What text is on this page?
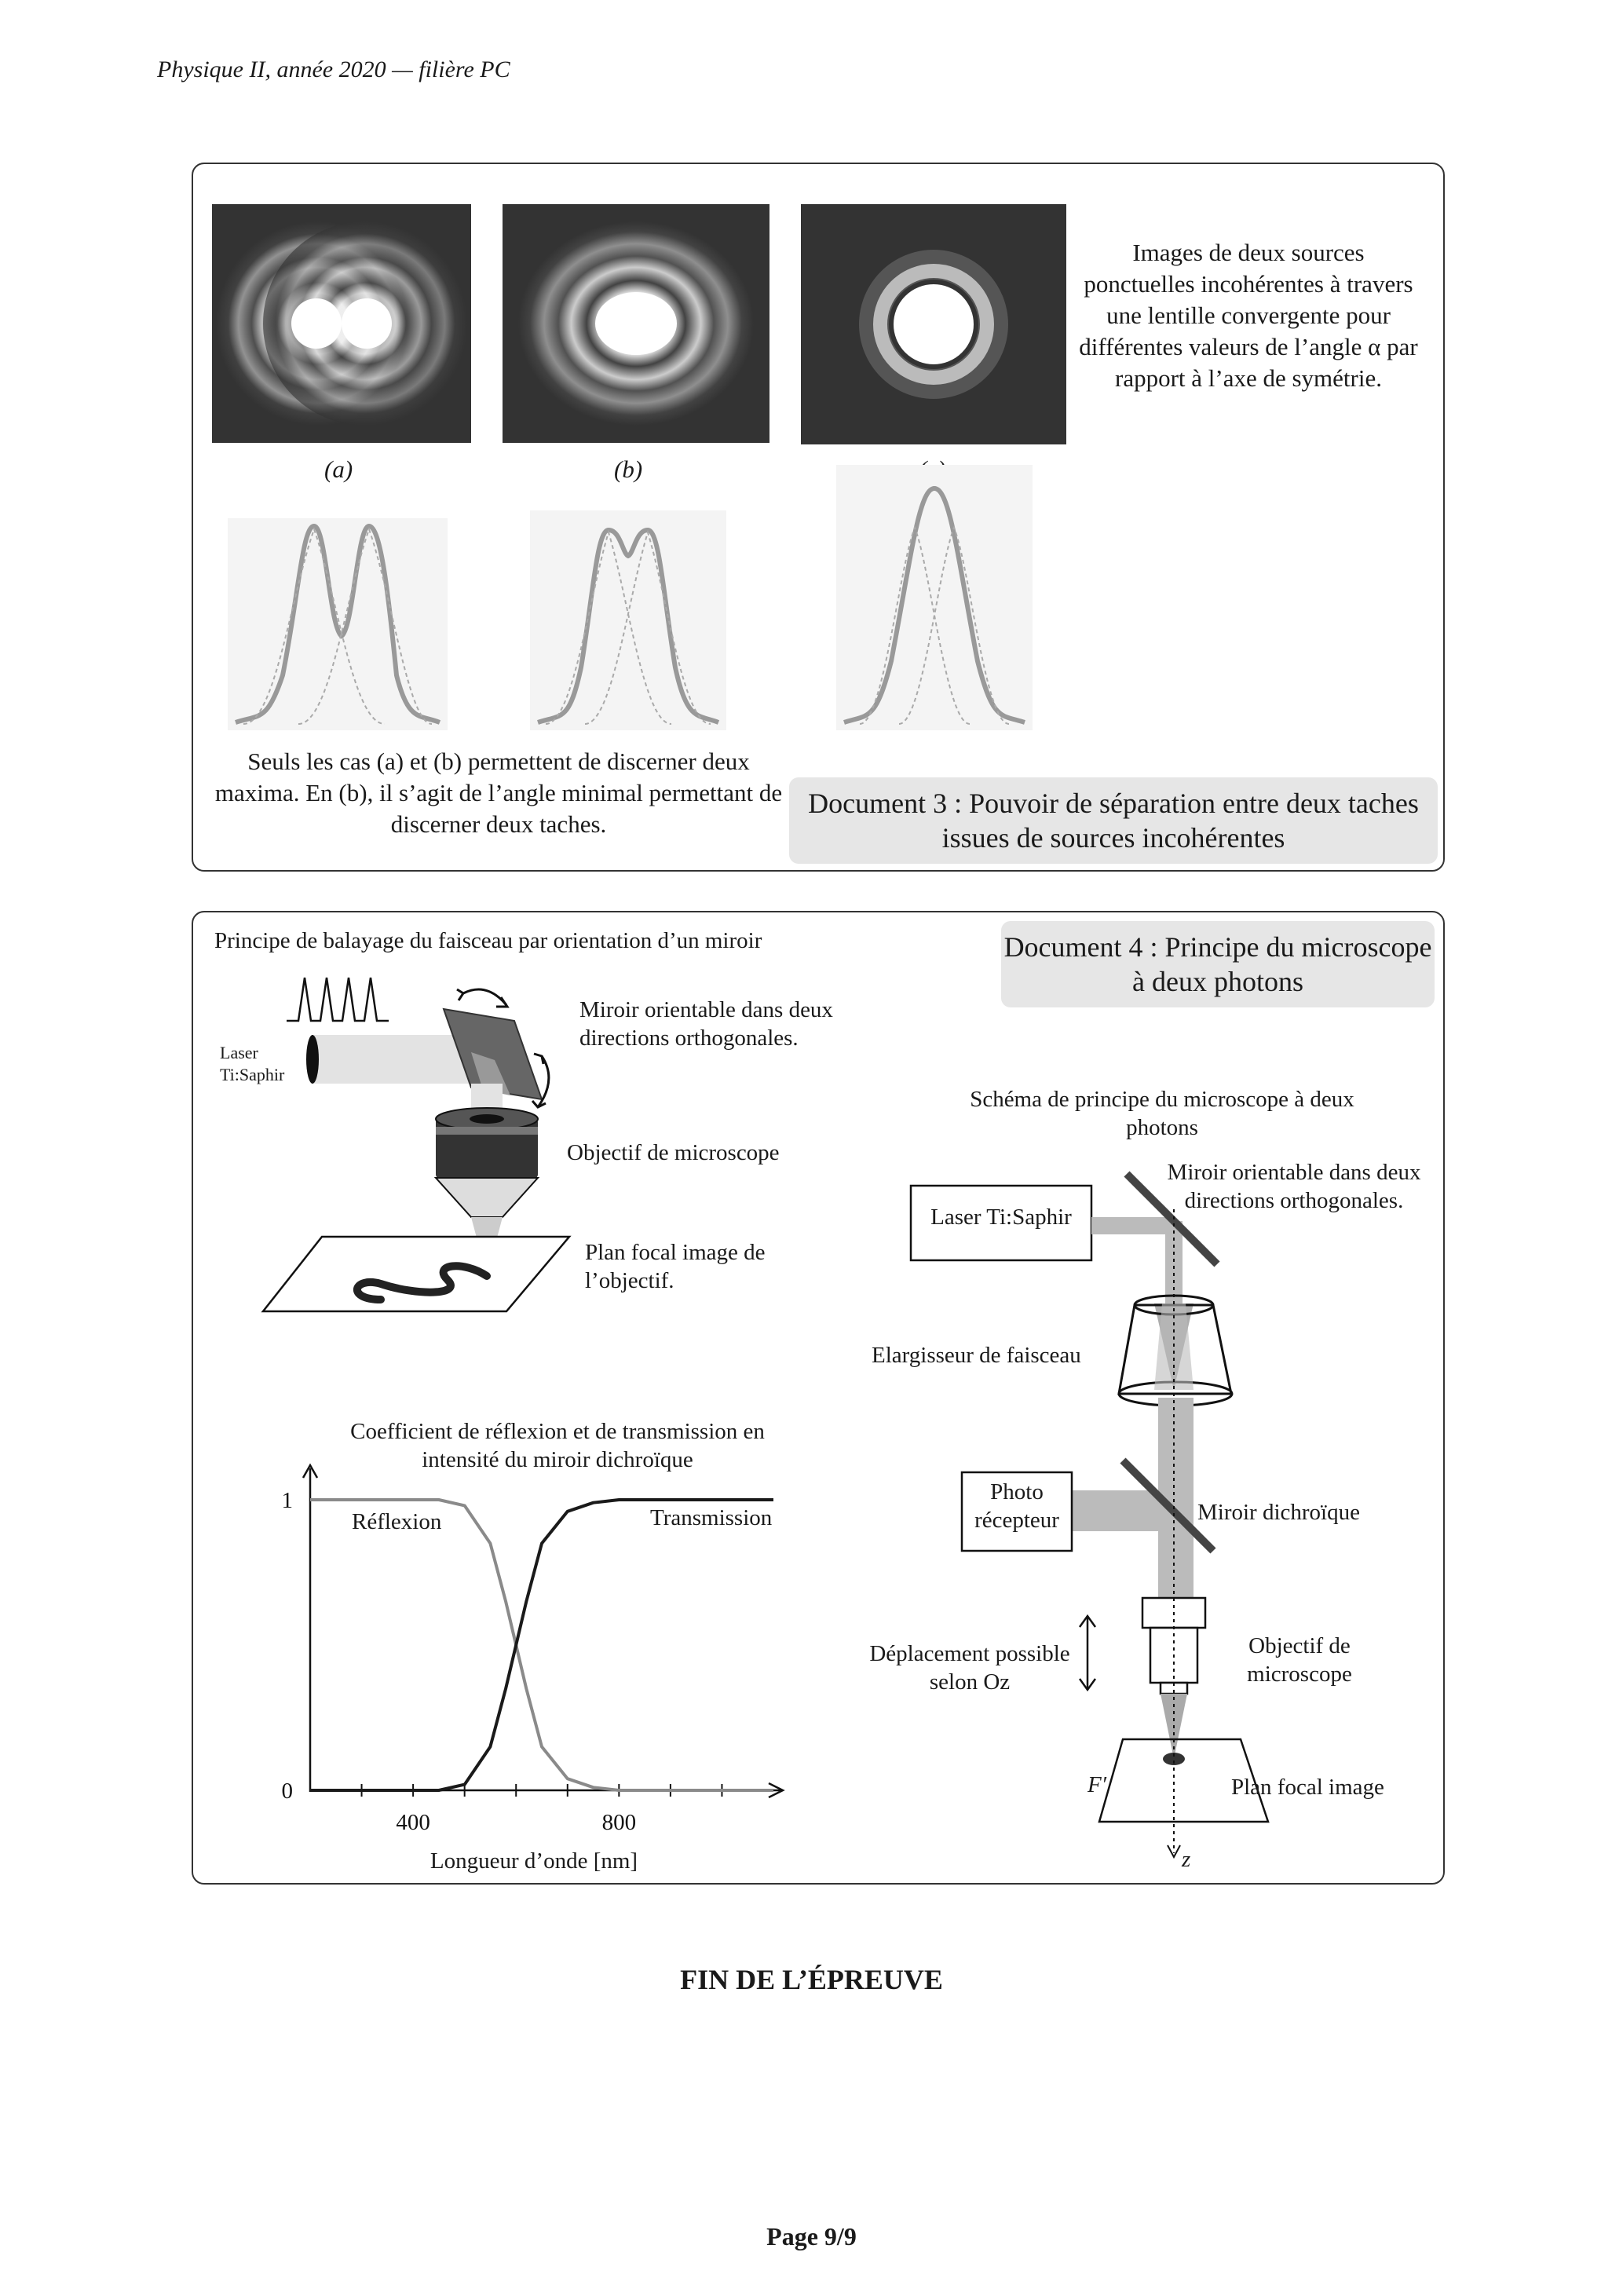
Physique II, année 2020 — filière PC
Images de deux sources ponctuelles incohérentes à travers une lentille convergente pour différentes valeurs de l’angle α par rapport à l’axe de symétrie.
(a)	(b)
Seuls les cas (a) et (b) permettent de discerner deux maxima. En (b), il s’agit de l’angle minimal permettant de discerner deux taches.
Document 3 : Pouvoir de séparation entre deux taches issues de sources incohérentes
Principe de balayage du faisceau par orientation d’un miroir	Document 4 : Principe du microscope à deux photons
Laser
Ti:Saphir
Miroir orientable dans deux directions orthogonales.
Objectif de microscope
Plan focal image de l’objectif.
Coefficient de réflexion et de transmission en intensité du miroir dichroïque
400	800
0
1
Réflexion	Transmission
Longueur d’onde [nm]
Schéma de principe du microscope à deux photons
Laser Ti:Saphir
Miroir orientable dans deux directions orthogonales.
Elargisseur de faisceau
Photo récepteur	Miroir dichroïque
Déplacement possible selon Oz
Objectif de microscope
Plan focal image
F′
z
FIN DE L’ÉPREUVE
Page 9/9
